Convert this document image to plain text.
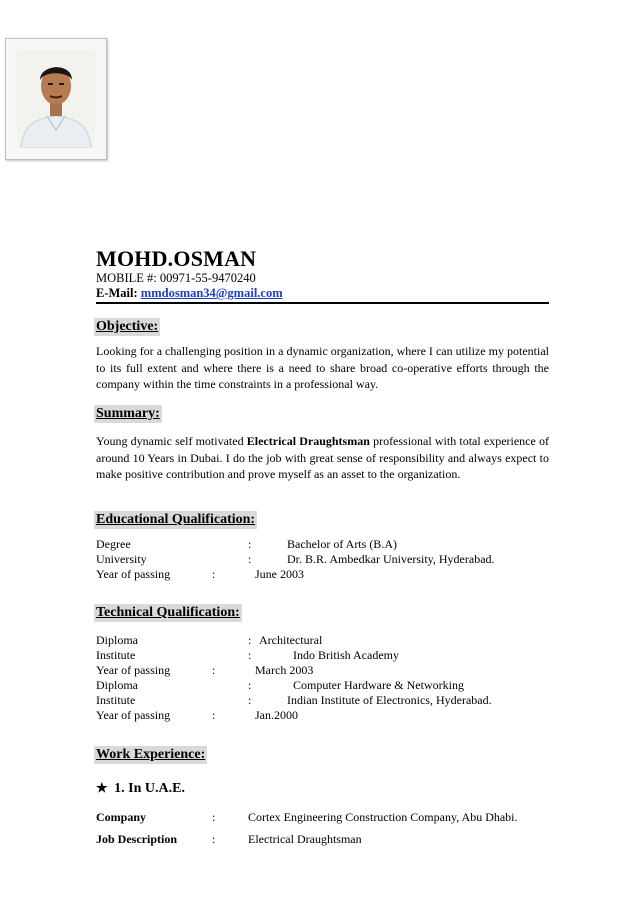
MOHD.OSMAN
MOBILE #: 00971-55-9470240
E-Mail: mmdosman34@gmail.com
Objective:
Looking for a challenging position in a dynamic organization, where I can utilize my potential to its full extent and where there is a need to share broad co-operative efforts through the company within the time constraints in a professional way.
Summary:
Young dynamic self motivated Electrical Draughtsman professional with total experience of around 10 Years in Dubai. I do the job with great sense of responsibility and always expect to make positive contribution and prove myself as an asset to the organization.
Educational Qualification:
Degree	:	Bachelor of Arts (B.A)
University	:	Dr. B.R. Ambedkar University, Hyderabad.
Year of passing	:	June 2003
Technical Qualification:
Diploma	: Architectural
Institute	:	Indo British Academy
Year of passing	:	March 2003
Diploma	:	Computer Hardware & Networking
Institute	:	Indian Institute of Electronics, Hyderabad.
Year of passing	:	Jan.2000
Work Experience:
★ 1. In U.A.E.
Company	:	Cortex Engineering Construction Company, Abu Dhabi.
Job Description	:	Electrical Draughtsman
